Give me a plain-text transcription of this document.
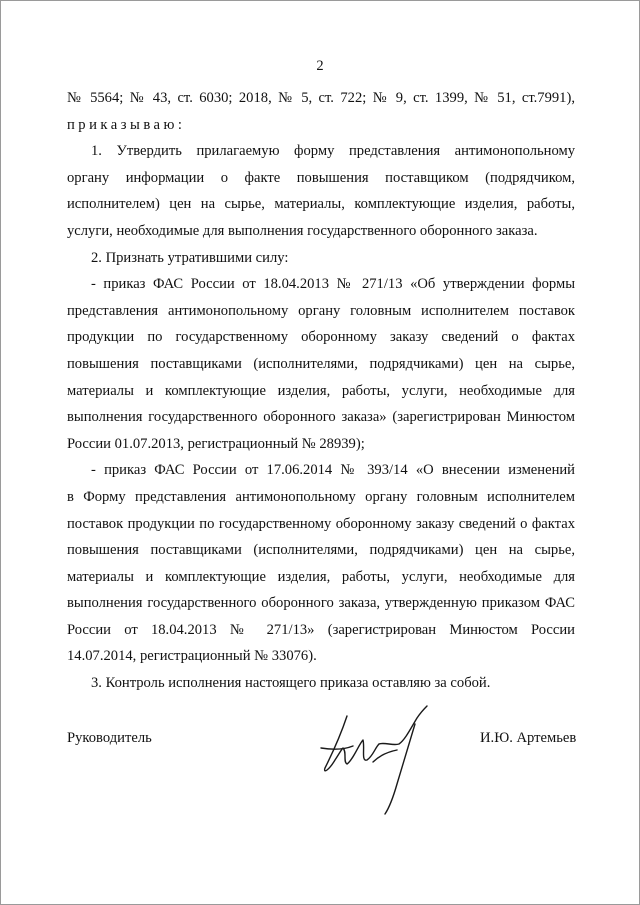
2

№ 5564; № 43, ст. 6030; 2018, № 5, ст. 722; № 9, ст. 1399, № 51, ст.7991),

приказываю:

1. Утвердить прилагаемую форму представления антимонопольному

органу информации о факте повышения поставщиком (подрядчиком,

исполнителем) цен на сырье, материалы, комплектующие изделия, работы,

услуги, необходимые для выполнения государственного оборонного заказа.

2. Признать утратившими силу:

- приказ ФАС России от 18.04.2013 № 271/13 «Об утверждении формы

представления антимонопольному органу головным исполнителем поставок

продукции по государственному оборонному заказу сведений о фактах

повышения поставщиками (исполнителями, подрядчиками) цен на сырье,

материалы и комплектующие изделия, работы, услуги, необходимые для

выполнения государственного оборонного заказа» (зарегистрирован Минюстом

России 01.07.2013, регистрационный № 28939);

- приказ ФАС России от 17.06.2014 № 393/14 «О внесении изменений

в Форму представления антимонопольному органу головным исполнителем

поставок продукции по государственному оборонному заказу сведений о фактах

повышения поставщиками (исполнителями, подрядчиками) цен на сырье,

материалы и комплектующие изделия, работы, услуги, необходимые для

выполнения государственного оборонного заказа, утвержденную приказом ФАС

России от 18.04.2013 № 271/13» (зарегистрирован Минюстом России

14.07.2014, регистрационный № 33076).

3. Контроль исполнения настоящего приказа оставляю за собой.

Руководитель	И.Ю. Артемьев
